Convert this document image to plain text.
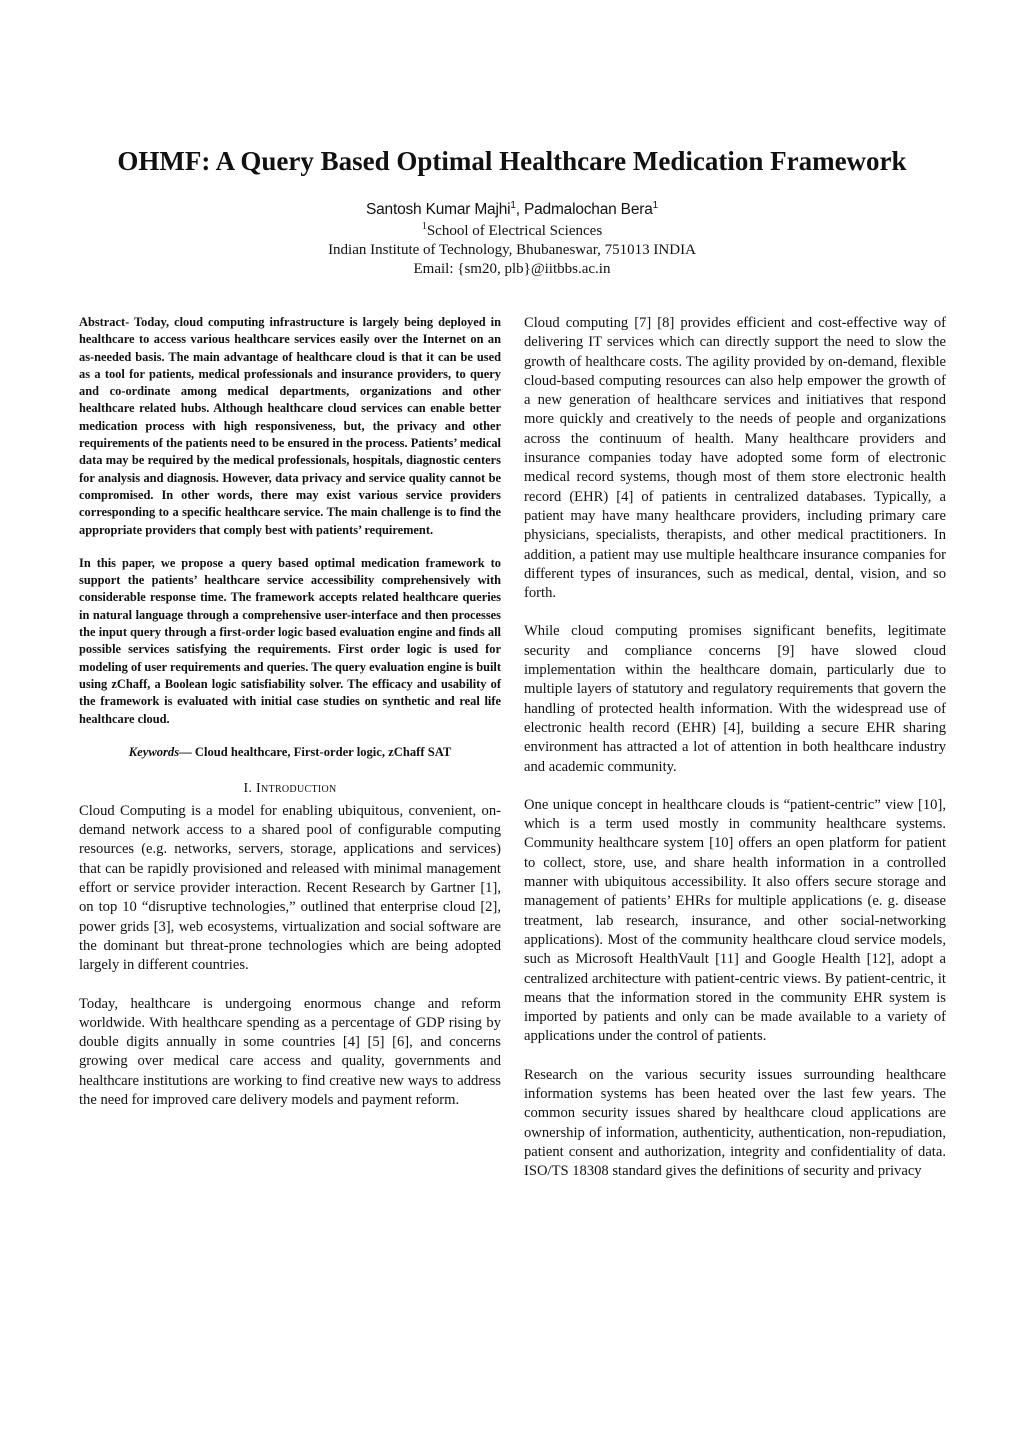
OHMF: A Query Based Optimal Healthcare Medication Framework
Santosh Kumar Majhi$^1$, Padmalochan Bera$^1$
$^1$School of Electrical Sciences
Indian Institute of Technology, Bhubaneswar, 751013 INDIA
Email: {sm20, plb}@iitbbs.ac.in

Abstract- Today, cloud computing infrastructure is largely being deployed in healthcare to access various healthcare services easily over the Internet on an as-needed basis. The main advantage of healthcare cloud is that it can be used as a tool for patients, medical professionals and insurance providers, to query and co-ordinate among medical departments, organizations and other healthcare related hubs. Although healthcare cloud services can enable better medication process with high responsiveness, but, the privacy and other requirements of the patients need to be ensured in the process. Patients’ medical data may be required by the medical professionals, hospitals, diagnostic centers for analysis and diagnosis. However, data privacy and service quality cannot be compromised. In other words, there may exist various service providers corresponding to a specific healthcare service. The main challenge is to find the appropriate providers that comply best with patients’ requirement.

In this paper, we propose a query based optimal medication framework to support the patients’ healthcare service accessibility comprehensively with considerable response time. The framework accepts related healthcare queries in natural language through a comprehensive user-interface and then processes the input query through a first-order logic based evaluation engine and finds all possible services satisfying the requirements. First order logic is used for modeling of user requirements and queries. The query evaluation engine is built using zChaff, a Boolean logic satisfiability solver. The efficacy and usability of the framework is evaluated with initial case studies on synthetic and real life healthcare cloud.

Keywords— Cloud healthcare, First-order logic, zChaff SAT
I. Introduction

Cloud Computing is a model for enabling ubiquitous, convenient, on-demand network access to a shared pool of configurable computing resources (e.g. networks, servers, storage, applications and services) that can be rapidly provisioned and released with minimal management effort or service provider interaction. Recent Research by Gartner [1], on top 10 “disruptive technologies,” outlined that enterprise cloud [2], power grids [3], web ecosystems, virtualization and social software are the dominant but threat-prone technologies which are being adopted largely in different countries.

Today, healthcare is undergoing enormous change and reform worldwide. With healthcare spending as a percentage of GDP rising by double digits annually in some countries [4] [5] [6], and concerns growing over medical care access and quality, governments and healthcare institutions are working to find creative new ways to address the need for improved care delivery models and payment reform.

Cloud computing [7] [8] provides efficient and cost-effective way of delivering IT services which can directly support the need to slow the growth of healthcare costs. The agility provided by on-demand, flexible cloud-based computing resources can also help empower the growth of a new generation of healthcare services and initiatives that respond more quickly and creatively to the needs of people and organizations across the continuum of health. Many healthcare providers and insurance companies today have adopted some form of electronic medical record systems, though most of them store electronic health record (EHR) [4] of patients in centralized databases. Typically, a patient may have many healthcare providers, including primary care physicians, specialists, therapists, and other medical practitioners. In addition, a patient may use multiple healthcare insurance companies for different types of insurances, such as medical, dental, vision, and so forth.

While cloud computing promises significant benefits, legitimate security and compliance concerns [9] have slowed cloud implementation within the healthcare domain, particularly due to multiple layers of statutory and regulatory requirements that govern the handling of protected health information. With the widespread use of electronic health record (EHR) [4], building a secure EHR sharing environment has attracted a lot of attention in both healthcare industry and academic community.

One unique concept in healthcare clouds is “patient-centric” view [10], which is a term used mostly in community healthcare systems. Community healthcare system [10] offers an open platform for patient to collect, store, use, and share health information in a controlled manner with ubiquitous accessibility. It also offers secure storage and management of patients’ EHRs for multiple applications (e. g. disease treatment, lab research, insurance, and other social-networking applications). Most of the community healthcare cloud service models, such as Microsoft HealthVault [11] and Google Health [12], adopt a centralized architecture with patient-centric views. By patient-centric, it means that the information stored in the community EHR system is imported by patients and only can be made available to a variety of applications under the control of patients.

Research on the various security issues surrounding healthcare information systems has been heated over the last few years. The common security issues shared by healthcare cloud applications are ownership of information, authenticity, authentication, non-repudiation, patient consent and authorization, integrity and confidentiality of data. ISO/TS 18308 standard gives the definitions of security and privacy
